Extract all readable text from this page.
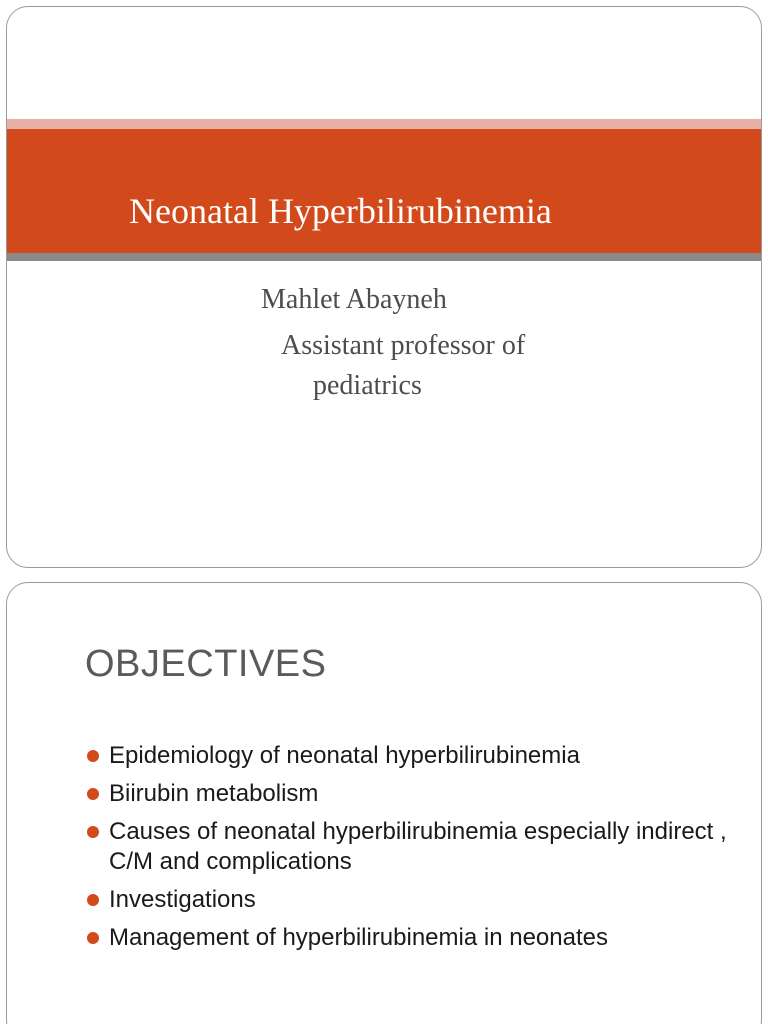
Neonatal Hyperbilirubinemia
Mahlet Abayneh
Assistant professor of
pediatrics
OBJECTIVES
Epidemiology of neonatal hyperbilirubinemia
Biirubin metabolism
Causes of neonatal hyperbilirubinemia especially indirect , C/M and complications
Investigations
Management of hyperbilirubinemia in neonates
